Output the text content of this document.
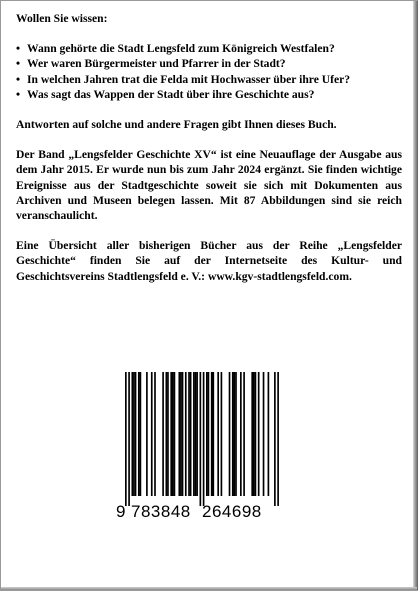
Wollen Sie wissen:

• Wann gehörte die Stadt Lengsfeld zum Königreich Westfalen?
• Wer waren Bürgermeister und Pfarrer in der Stadt?
• In welchen Jahren trat die Felda mit Hochwasser über ihre Ufer?
• Was sagt das Wappen der Stadt über ihre Geschichte aus?

Antworten auf solche und andere Fragen gibt Ihnen dieses Buch.

Der Band „Lengsfelder Geschichte XV“ ist eine Neuauflage der Ausgabe aus dem Jahr 2015. Er wurde nun bis zum Jahr 2024 ergänzt. Sie finden wichtige Ereignisse aus der Stadtgeschichte soweit sie sich mit Dokumenten aus Archiven und Museen belegen lassen. Mit 87 Abbildungen sind sie reich veranschaulicht.

Eine Übersicht aller bisherigen Bücher aus der Reihe „Lengsfelder Geschichte“ finden Sie auf der Internetseite des Kultur- und Geschichtsvereins Stadtlengsfeld e. V.: www.kgv-stadtlengsfeld.com.

9 783848 264698
